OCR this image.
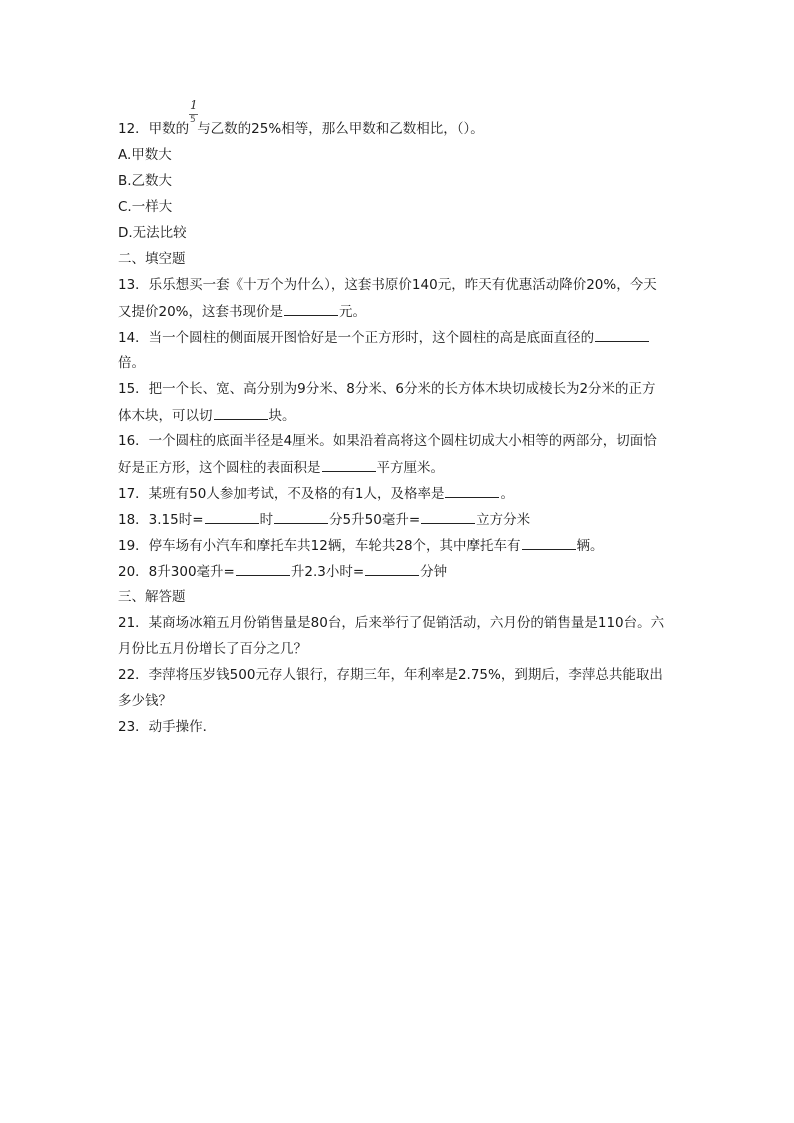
1
5
12．甲数的 与乙数的25%相等，那么甲数和乙数相比，（）。
A.甲数大
B.乙数大
C.一样大
D.无法比较
二、填空题
13．乐乐想买一套《十万个为什么），这套书原价140元，昨天有优惠活动降价20%，今天
又提价20%，这套书现价是	元。
14．当一个圆柱的侧面展开图恰好是一个正方形时，这个圆柱的高是底面直径的
倍。
15．把一个长、宽、高分别为9分米、8分米、6分米的长方体木块切成棱长为2分米的正方
体木块，可以切	块。
16．一个圆柱的底面半径是4厘米。如果沿着高将这个圆柱切成大小相等的两部分，切面恰
好是正方形，这个圆柱的表面积是	平方厘米。
17．某班有50人参加考试，不及格的有1人，及格率是	。
18．3.15时=	时	分5升50毫升=	立方分米
19．停车场有小汽车和摩托车共12辆，车轮共28个，其中摩托车有	辆。
20．8升300毫升=	升2.3小时=	分钟
三、解答题
21．某商场冰箱五月份销售量是80台，后来举行了促销活动，六月份的销售量是110台。六
月份比五月份增长了百分之几？
22．李萍将压岁钱500元存人银行，存期三年，年利率是2.75%，到期后，李萍总共能取出
多少钱？
23．动手操作．
